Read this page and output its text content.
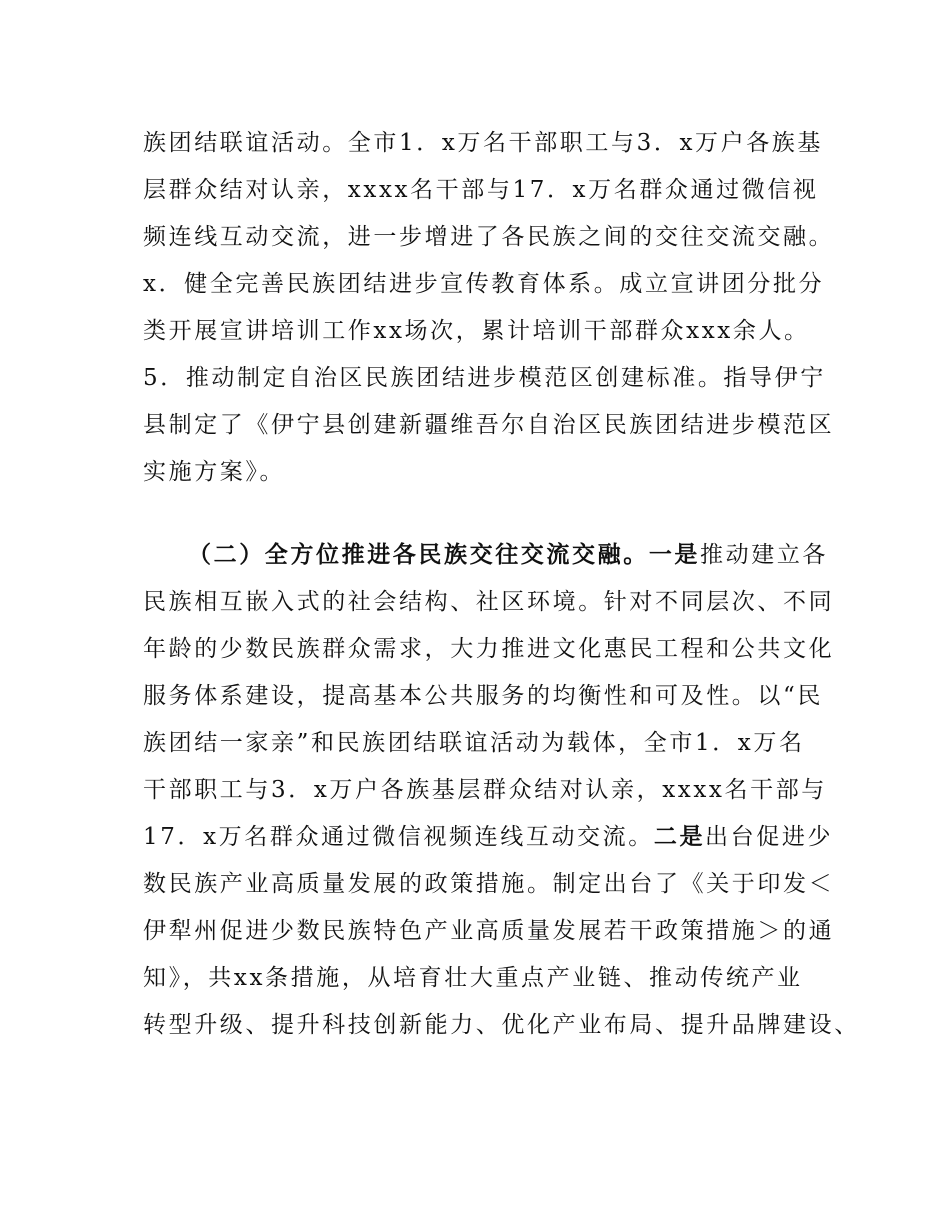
族团结联谊活动。全市1．x万名干部职工与3．x万户各族基
层群众结对认亲，xxxx名干部与17．x万名群众通过微信视
频连线互动交流，进一步增进了各民族之间的交往交流交融。
x．健全完善民族团结进步宣传教育体系。成立宣讲团分批分
类开展宣讲培训工作xx场次，累计培训干部群众xxx余人。
5．推动制定自治区民族团结进步模范区创建标准。指导伊宁
县制定了《伊宁县创建新疆维吾尔自治区民族团结进步模范区
实施方案》。
（二）全方位推进各民族交往交流交融。一是推动建立各
民族相互嵌入式的社会结构、社区环境。针对不同层次、不同
年龄的少数民族群众需求，大力推进文化惠民工程和公共文化
服务体系建设，提高基本公共服务的均衡性和可及性。以“民
族团结一家亲”和民族团结联谊活动为载体，全市1．x万名
干部职工与3．x万户各族基层群众结对认亲，xxxx名干部与
17．x万名群众通过微信视频连线互动交流。二是出台促进少
数民族产业高质量发展的政策措施。制定出台了《关于印发＜
伊犁州促进少数民族特色产业高质量发展若干政策措施＞的通
知》，共xx条措施，从培育壮大重点产业链、推动传统产业
转型升级、提升科技创新能力、优化产业布局、提升品牌建设、
